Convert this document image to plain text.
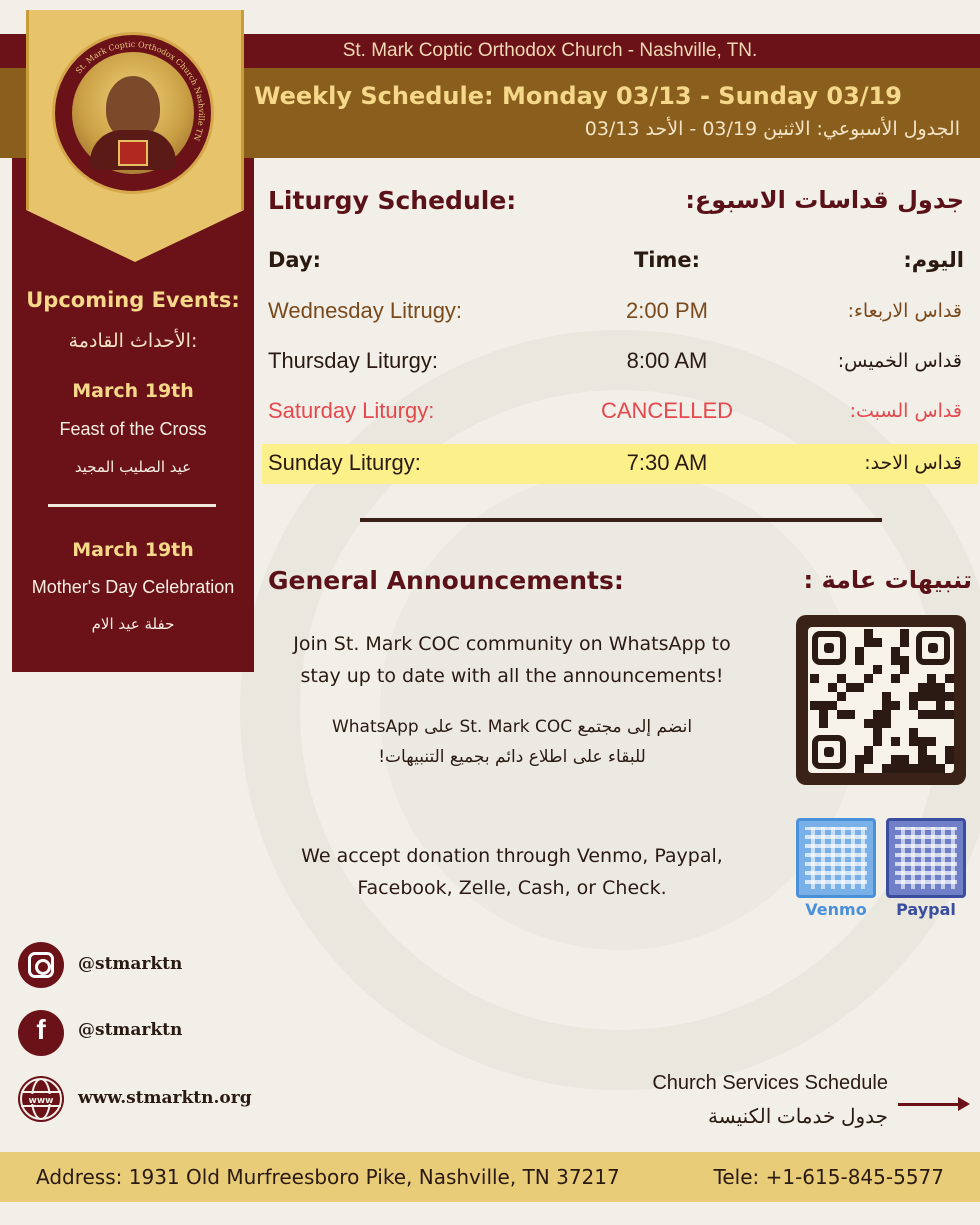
St. Mark Coptic Orthodox Church - Nashville, TN.
Weekly Schedule: Monday 03/13 - Sunday 03/19
الجدول الأسبوعي: الاثنين 03/19 - الأحد 03/13
St. Mark Coptic Orthodox Church Nashville TN
Upcoming Events:
الأحداث القادمة:
March 19th
Feast of the Cross
عيد الصليب المجيد
March 19th
Mother's Day Celebration
حفلة عيد الام
Liturgy Schedule:	جدول قداسات الاسبوع:
Day:	Time:	اليوم:
Wednesday Litrugy:	2:00 PM	قداس الاربعاء:
Thursday Liturgy:	8:00 AM	قداس الخميس:
Saturday Liturgy:	CANCELLED	قداس السبت:
Sunday Liturgy:	7:30 AM	قداس الاحد:
General Announcements:	تنبيهات عامة :
Join St. Mark COC community on WhatsApp to
stay up to date with all the announcements!
انضم إلى مجتمع St. Mark COC على WhatsApp
للبقاء على اطلاع دائم بجميع التنبيهات!
We accept donation through Venmo, Paypal,
Facebook, Zelle, Cash, or Check.
Venmo	Paypal
@stmarktn
f	@stmarktn
www www.stmarktn.org
Church Services Schedule
جدول خدمات الكنيسة
Address: 1931 Old Murfreesboro Pike, Nashville, TN 37217	Tele: +1-615-845-5577
